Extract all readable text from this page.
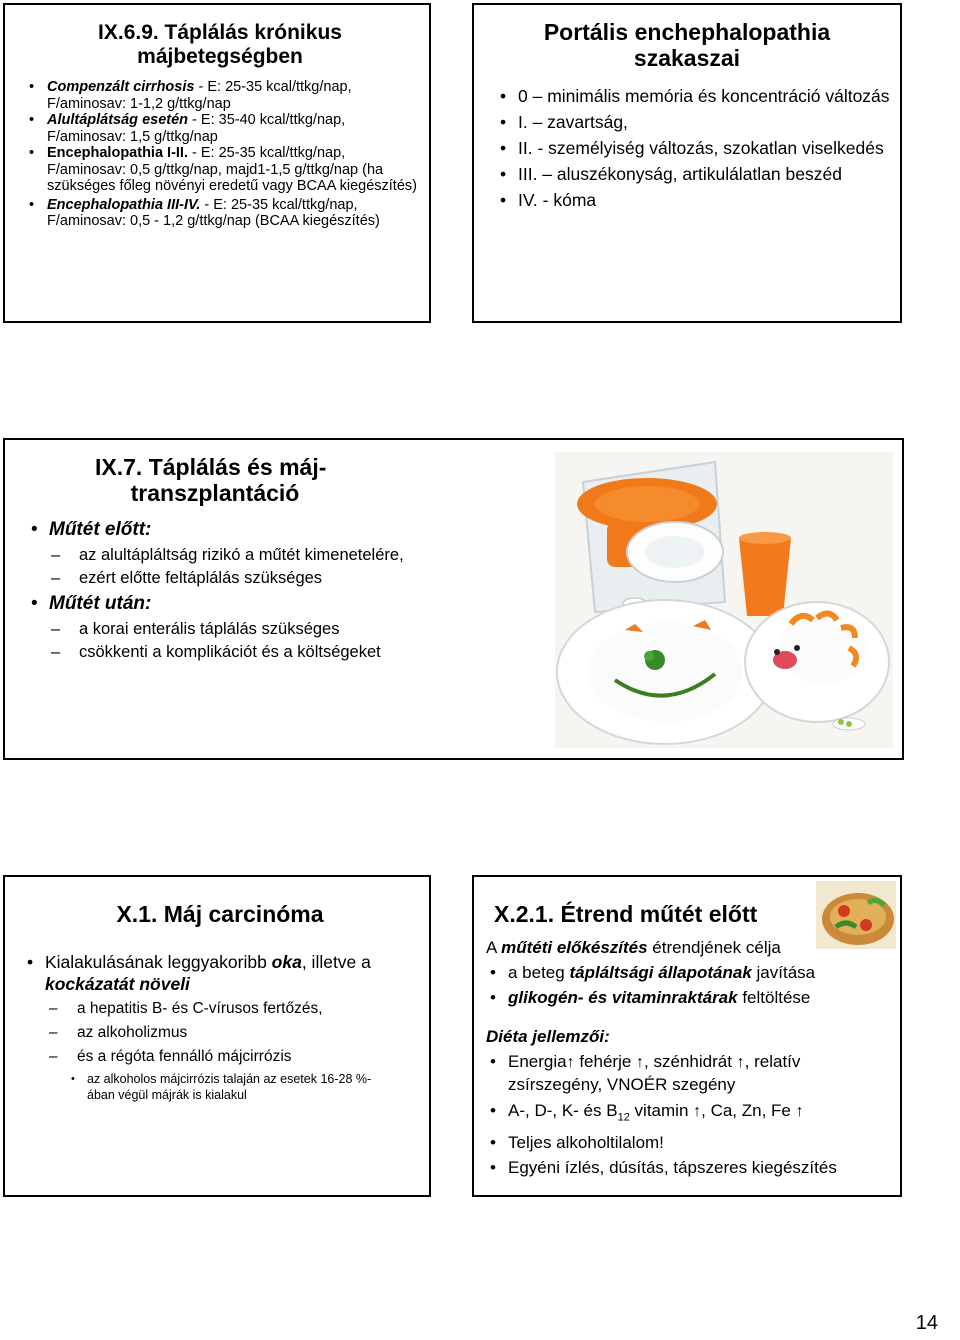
IX.6.9. Táplálás krónikus májbetegségben
• Compenzált cirrhosis - E: 25-35 kcal/ttkg/nap, F/aminosav: 1-1,2 g/ttkg/nap
• Alultáplátság esetén - E: 35-40 kcal/ttkg/nap, F/aminosav: 1,5 g/ttkg/nap
• Encephalopathia I-II. - E: 25-35 kcal/ttkg/nap, F/aminosav: 0,5 g/ttkg/nap, majd1-1,5 g/ttkg/nap (ha szükséges főleg növényi eredetű vagy BCAA kiegészítés)
• Encephalopathia III-IV. - E: 25-35 kcal/ttkg/nap, F/aminosav: 0,5 - 1,2 g/ttkg/nap (BCAA kiegészítés)
Portális enchephalopathia szakaszai
• 0 – minimális memória és koncentráció változás
• I. – zavartság,
• II. - személyiség változás, szokatlan viselkedés
• III. – aluszékonyság, artikulálatlan beszéd
• IV. - kóma
IX.7. Táplálás és máj-
transzplantáció
• Műtét előtt:
– az alultápláltság rizikó a műtét kimenetelére,
– ezért előtte feltáplálás szükséges
• Műtét után:
– a korai enterális táplálás szükséges
– csökkenti a komplikációt és a költségeket
X.1. Máj carcinóma
• Kialakulásának leggyakoribb oka, illetve a kockázatát növeli
– a hepatitis B- és C-vírusos fertőzés,
– az alkoholizmus
– és a régóta fennálló májcirrózis
• az alkoholos májcirrózis talaján az esetek 16-28 %-ában végül májrák is kialakul
X.2.1. Étrend műtét előtt
A műtéti előkészítés étrendjének célja
• a beteg tápláltsági állapotának javítása
• glikogén- és vitaminraktárak feltöltése
Diéta jellemzői:
• Energia↑ fehérje ↑, szénhidrát ↑, relatív zsírszegény, VNOÉR szegény
• A-, D-, K- és $B_{12}$ vitamin ↑, Ca, Zn, Fe ↑
• Teljes alkoholtilalom!
• Egyéni ízlés, dúsítás, tápszeres kiegészítés
14
